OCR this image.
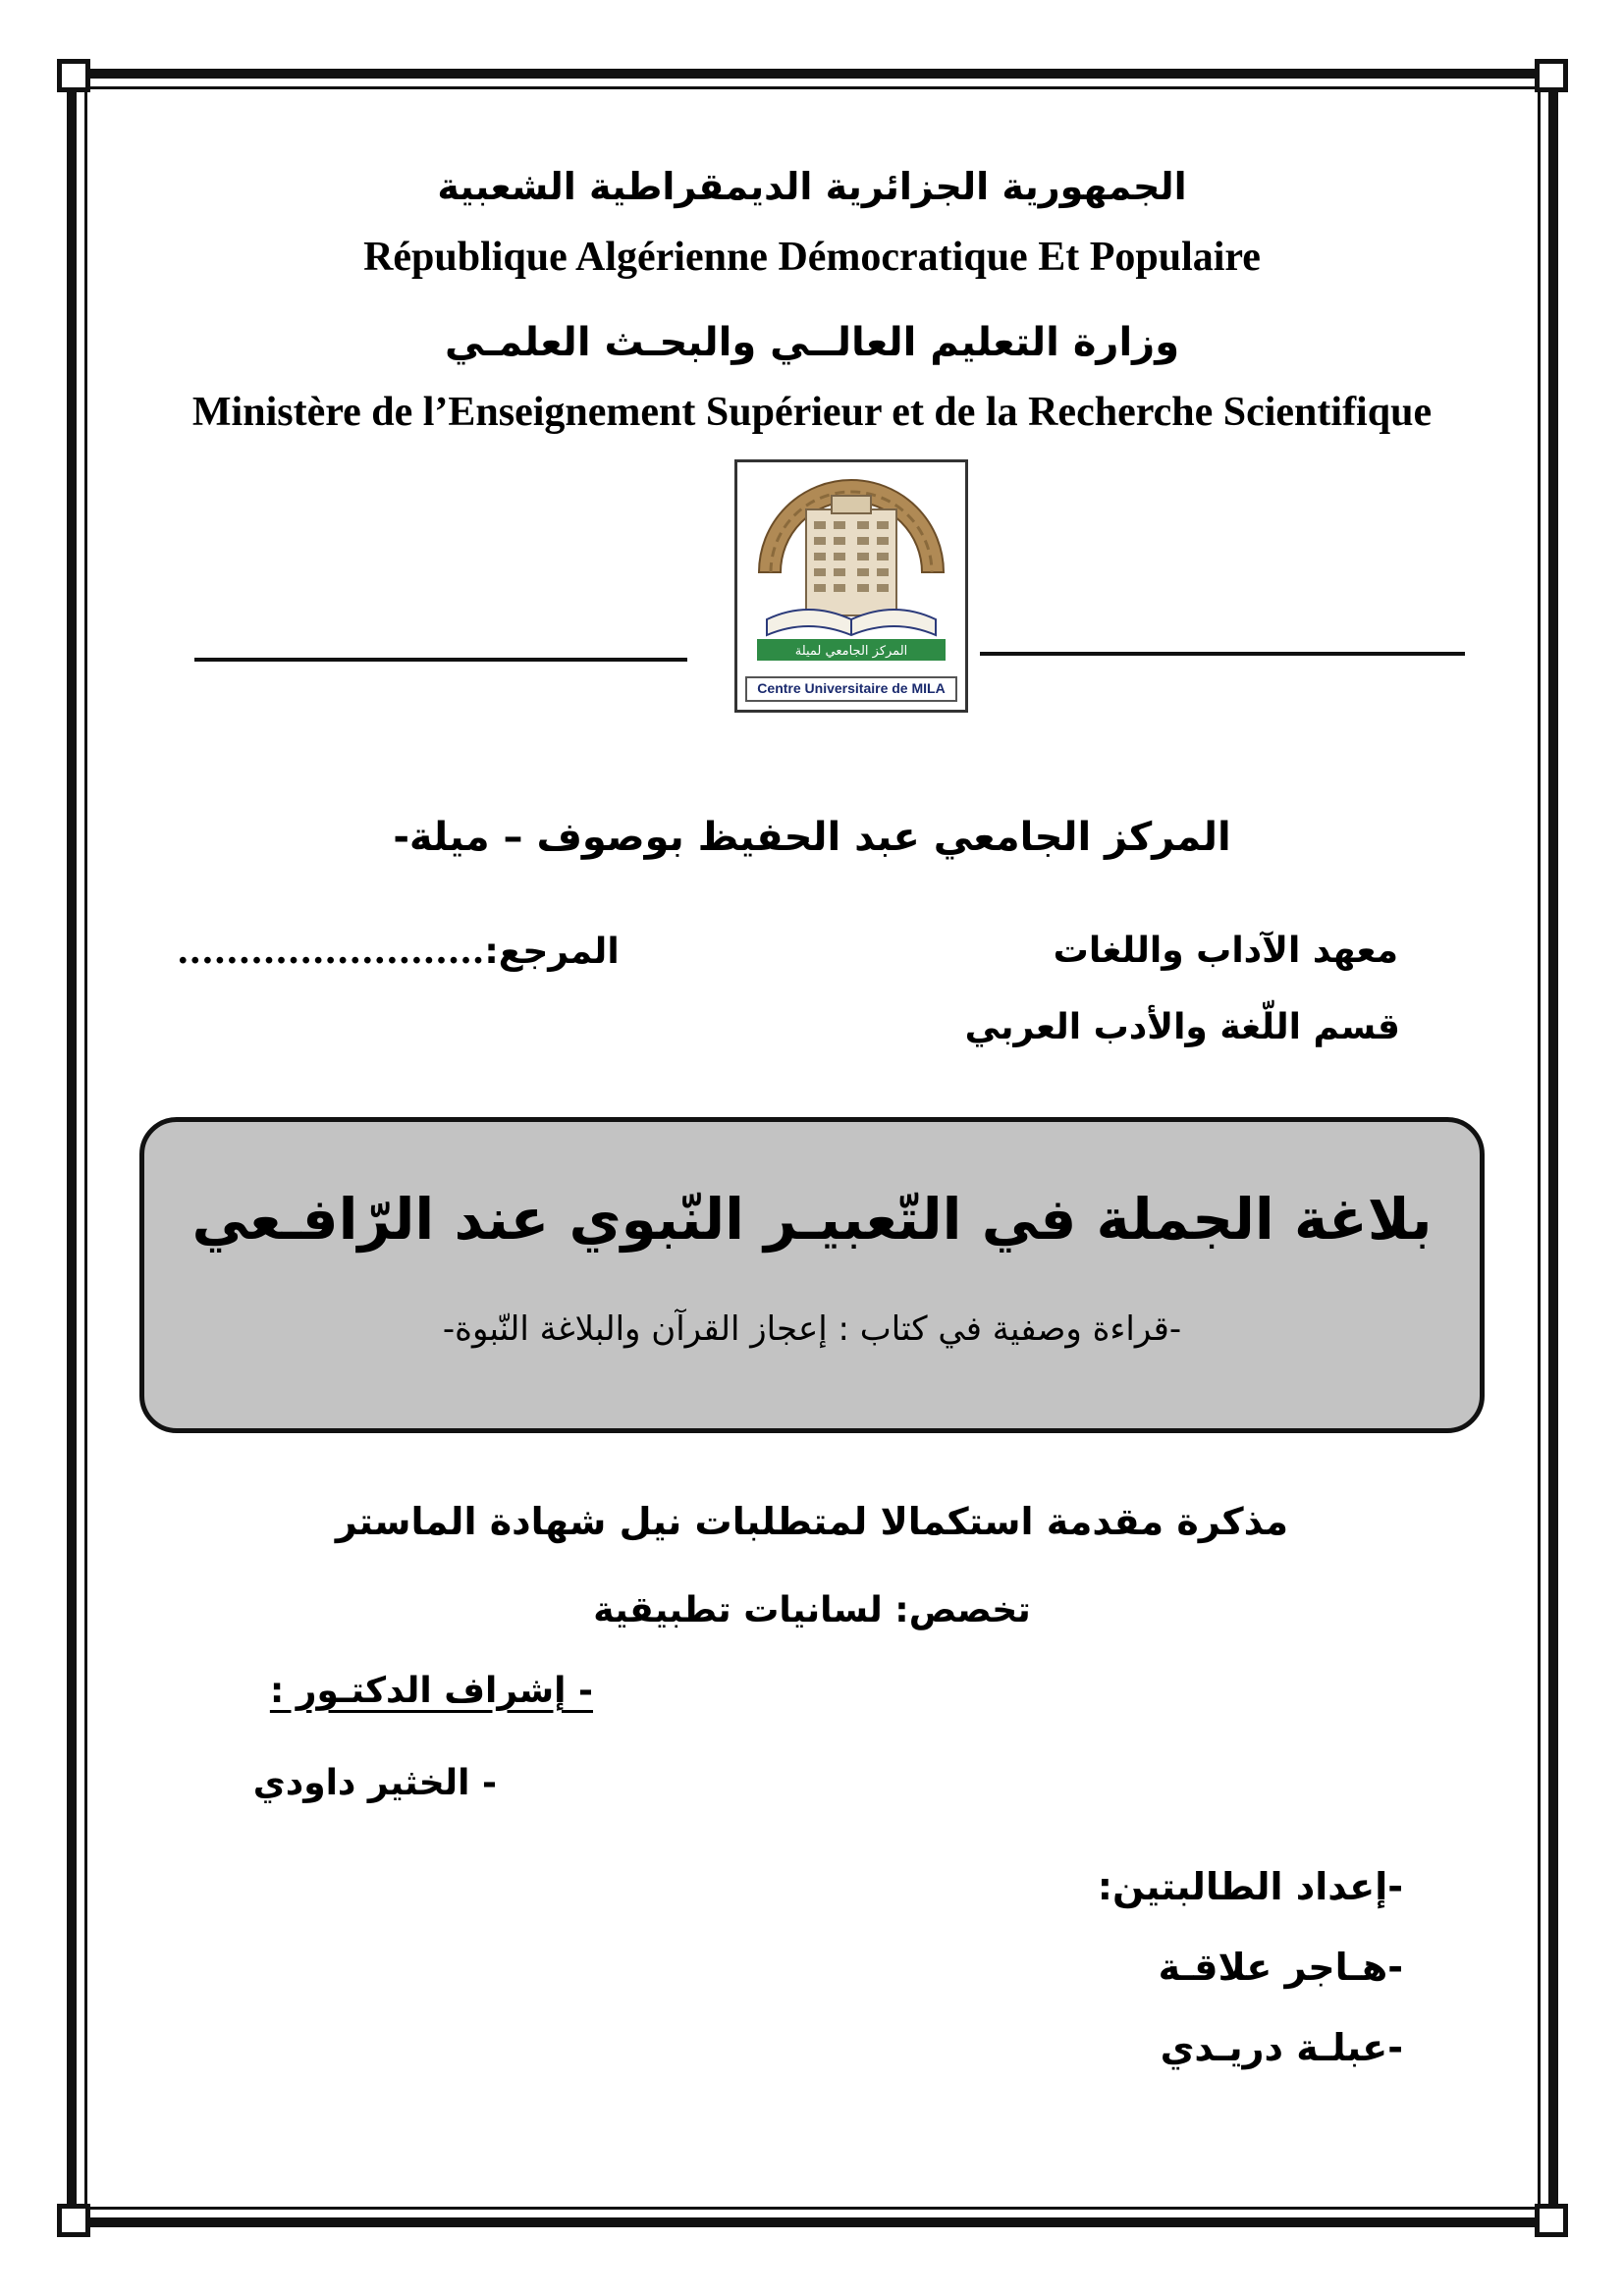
الجمهورية الجزائرية الديمقراطية الشعبية
République Algérienne Démocratique Et Populaire
وزارة التعليم العالــي والبحـث العلمـي
Ministère de l’Enseignement Supérieur et de la Recherche Scientifique
المركز الجامعي لميلة
Centre Universitaire de MILA
المركز الجامعي عبد الحفيظ بوصوف – ميلة-
معهد الآداب واللغات
قسم اللّغة والأدب العربي
المرجع:.........................
بلاغة الجملة في التّعبيـر النّبوي عند الرّافـعي
-قراءة وصفية في كتاب : إعجاز القرآن والبلاغة النّبوة-
مذكرة مقدمة استكمالا لمتطلبات نيل شهادة الماستر
تخصص: لسانيات تطبيقية
- إشراف الدكتـور :
- الخثير داودي
-إعداد الطالبتين:
-هـاجر علاقـة
-عبلـة دريـدي
